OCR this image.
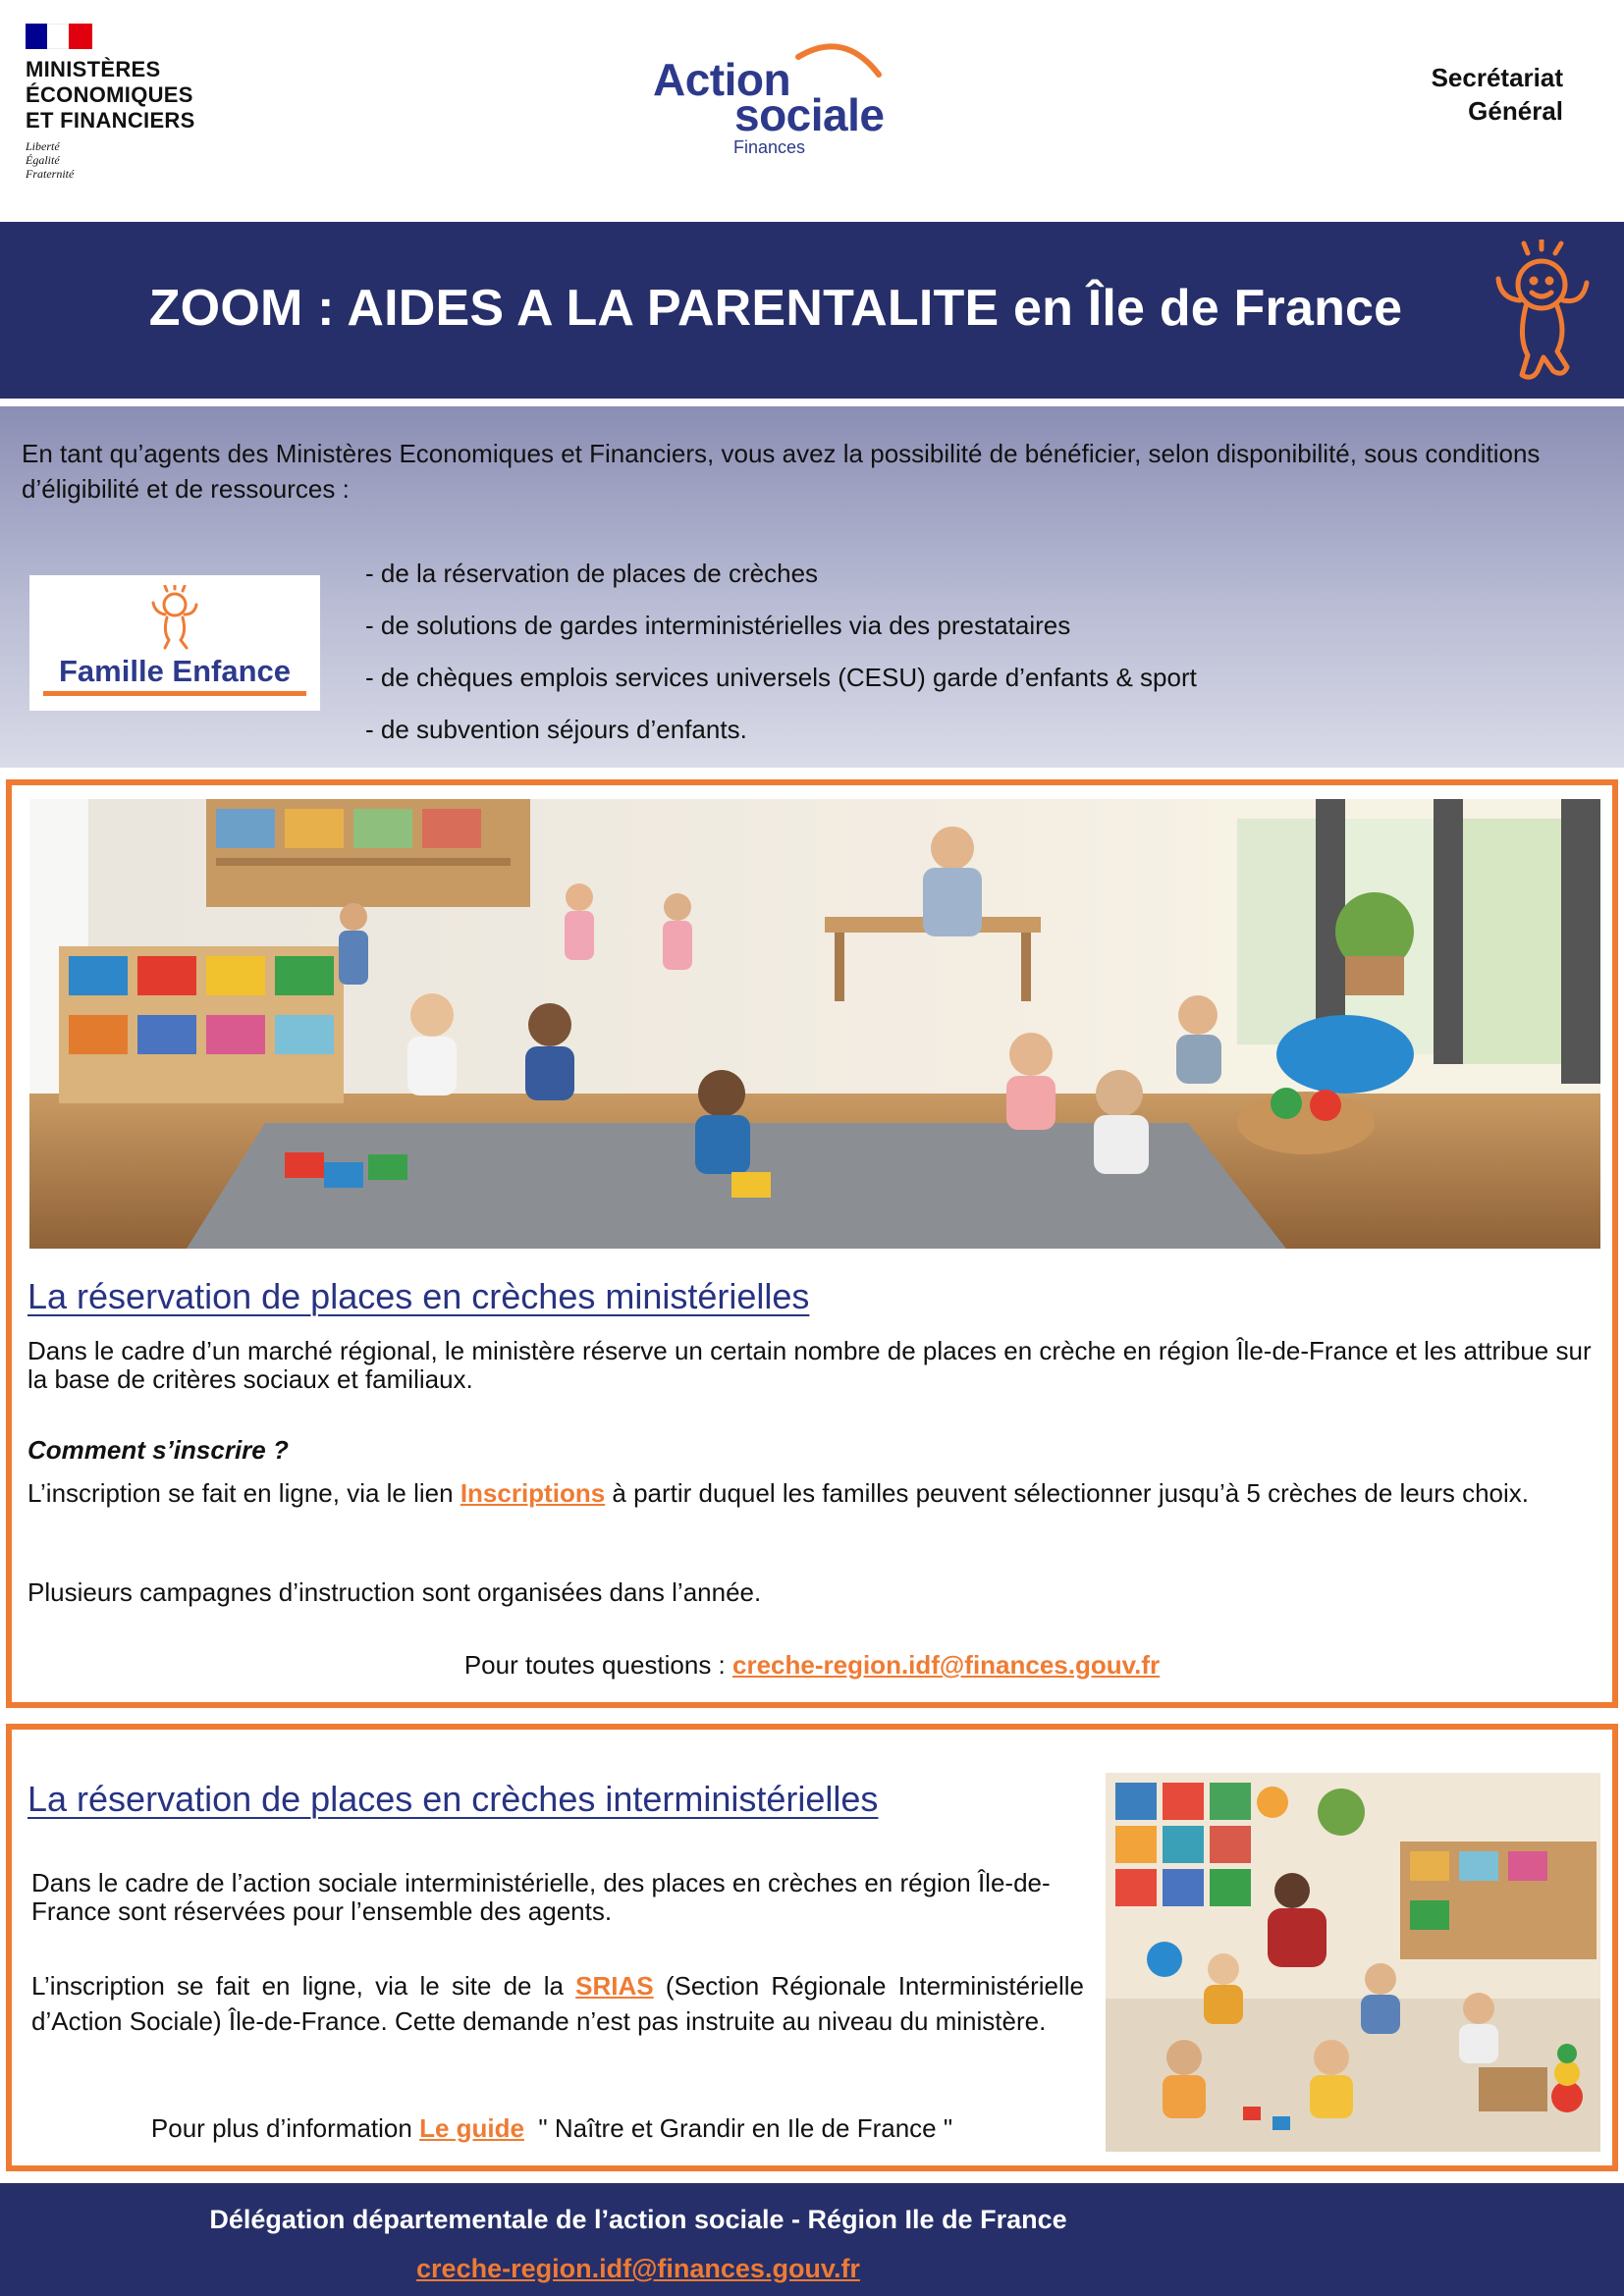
MINISTÈRES
ÉCONOMIQUES
ET FINANCIERS
Liberté
Égalité
Fraternité
Action
sociale
Finances
Secrétariat
Général
ZOOM : AIDES A LA PARENTALITE en Île de France

En tant qu’agents des Ministères Economiques et Financiers, vous avez la possibilité de bénéficier, selon disponibilité, sous conditions d’éligibilité et de ressources :

Famille Enfance
- de la réservation de places de crèches
- de solutions de gardes interministérielles via des prestataires
- de chèques emplois services universels (CESU) garde d’enfants & sport
- de subvention séjours d’enfants.
La réservation de places en crèches ministérielles

Dans le cadre d’un marché régional, le ministère réserve un certain nombre de places en crèche en région Île-de-France et les attribue sur la base de critères sociaux et familiaux.

Comment s’inscrire ?

L’inscription se fait en ligne, via le lien Inscriptions à partir duquel les familles peuvent sélectionner jusqu’à 5 crèches de leurs choix.

Plusieurs campagnes d’instruction sont organisées dans l’année.

Pour toutes questions : creche-region.idf@finances.gouv.fr

La réservation de places en crèches interministérielles

Dans le cadre de l’action sociale interministérielle, des places en crèches en région Île-de-France sont réservées pour l’ensemble des agents.

L’inscription se fait en ligne, via le site de la SRIAS (Section Régionale Interministérielle d’Action Sociale) Île-de-France. Cette demande n’est pas instruite au niveau du ministère.

Pour plus d’information Le guide  " Naître et Grandir en Ile de France "

Délégation départementale de l’action sociale - Région Ile de France
creche-region.idf@finances.gouv.fr
